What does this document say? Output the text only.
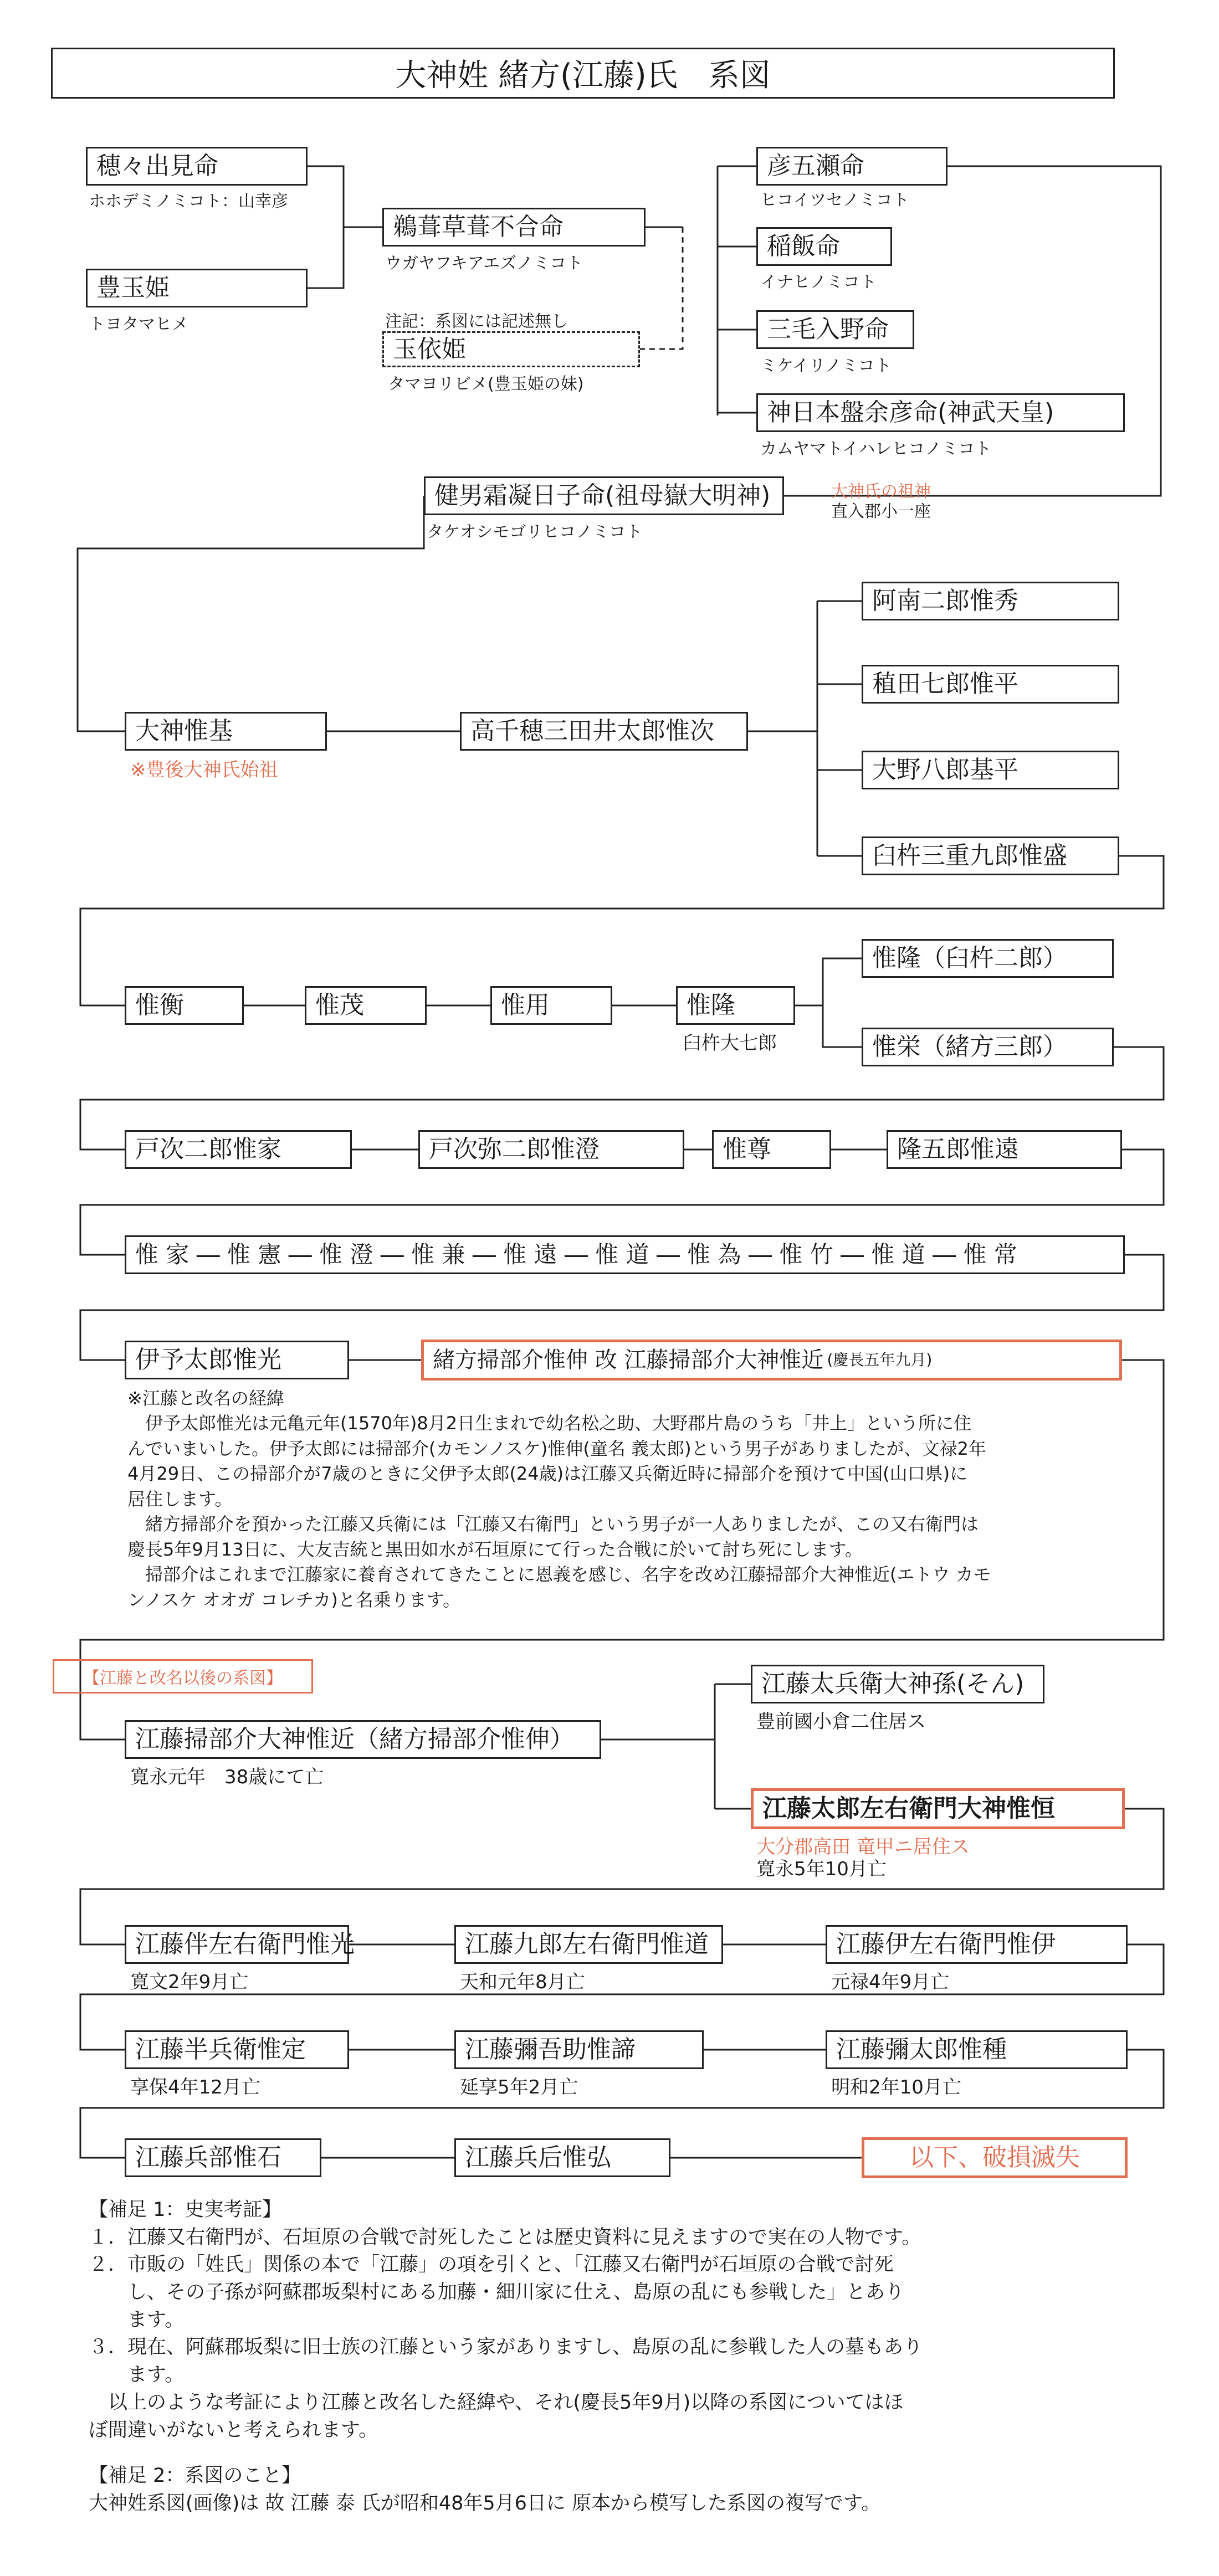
大神姓 緒方(江藤)氏　系図
穂々出見命
ホホデミノミコト：山幸彦
豊玉姫
トヨタマヒメ
鵜葺草葺不合命
ウガヤフキアエズノミコト
注記：系図には記述無し
玉依姫
タマヨリビメ(豊玉姫の妹)
彦五瀬命
ヒコイツセノミコト
稲飯命
イナヒノミコト
三毛入野命
ミケイリノミコト
神日本盤余彦命(神武天皇)
カムヤマトイハレヒコノミコト
健男霜凝日子命(祖母嶽大明神)
タケオシモゴリヒコノミコト
大神氏の祖神
直入郡小一座
大神惟基
※豊後大神氏始祖
高千穂三田井太郎惟次
阿南二郎惟秀
稙田七郎惟平
大野八郎基平
臼杵三重九郎惟盛
惟衡	惟茂	惟用	惟隆
臼杵大七郎
惟隆（臼杵二郎）
惟栄（緒方三郎）
戸次二郎惟家	戸次弥二郎惟澄	惟尊	隆五郎惟遠
惟 家 ― 惟 憲 ― 惟 澄 ― 惟 兼 ― 惟 遠 ― 惟 道 ― 惟 為 ― 惟 竹 ― 惟 道 ― 惟 常
伊予太郎惟光	緒方掃部介惟伸 改 江藤掃部介大神惟近 (慶長五年九月)
※江藤と改名の経緯
　伊予太郎惟光は元亀元年(1570年)8月2日生まれで幼名松之助、大野郡片島のうち「井上」という所に住
んでいまいした。伊予太郎には掃部介(カモンノスケ)惟伸(童名 義太郎)という男子がありましたが、文禄2年
4月29日、この掃部介が7歳のときに父伊予太郎(24歳)は江藤又兵衛近時に掃部介を預けて中国(山口県)に
居住します。
　緒方掃部介を預かった江藤又兵衛には「江藤又右衛門」という男子が一人ありましたが、この又右衛門は
慶長5年9月13日に、大友吉統と黒田如水が石垣原にて行った合戦に於いて討ち死にします。
　掃部介はこれまで江藤家に養育されてきたことに恩義を感じ、名字を改め江藤掃部介大神惟近(エトウ カモ
ンノスケ オオガ コレチカ)と名乗ります。
【江藤と改名以後の系図】
江藤掃部介大神惟近（緒方掃部介惟伸）
寛永元年　38歳にて亡
江藤太兵衛大神孫(そん)
豊前國小倉二住居ス
江藤太郎左右衛門大神惟恒
大分郡高田 竜甲ニ居住ス
寛永5年10月亡
江藤伴左右衛門惟光
寛文2年9月亡
江藤九郎左右衛門惟道
天和元年8月亡
江藤伊左右衛門惟伊
元禄4年9月亡
江藤半兵衛惟定
享保4年12月亡
江藤彌吾助惟諦
延享5年2月亡
江藤彌太郎惟種
明和2年10月亡
江藤兵部惟石	江藤兵后惟弘	以下、破損滅失
【補足 1：史実考証】
１．江藤又右衛門が、石垣原の合戦で討死したことは歴史資料に見えますので実在の人物です。
２．市販の「姓氏」関係の本で「江藤」の項を引くと、「江藤又右衛門が石垣原の合戦で討死
　　し、その子孫が阿蘇郡坂梨村にある加藤・細川家に仕え、島原の乱にも参戦した」とあり
　　ます。
３．現在、阿蘇郡坂梨に旧士族の江藤という家がありますし、島原の乱に参戦した人の墓もあり
　　ます。
　以上のような考証により江藤と改名した経緯や、それ(慶長5年9月)以降の系図についてはほ
ぼ間違いがないと考えられます。
【補足 2：系図のこと】
大神姓系図(画像)は 故 江藤 泰 氏が昭和48年5月6日に 原本から模写した系図の複写です。
